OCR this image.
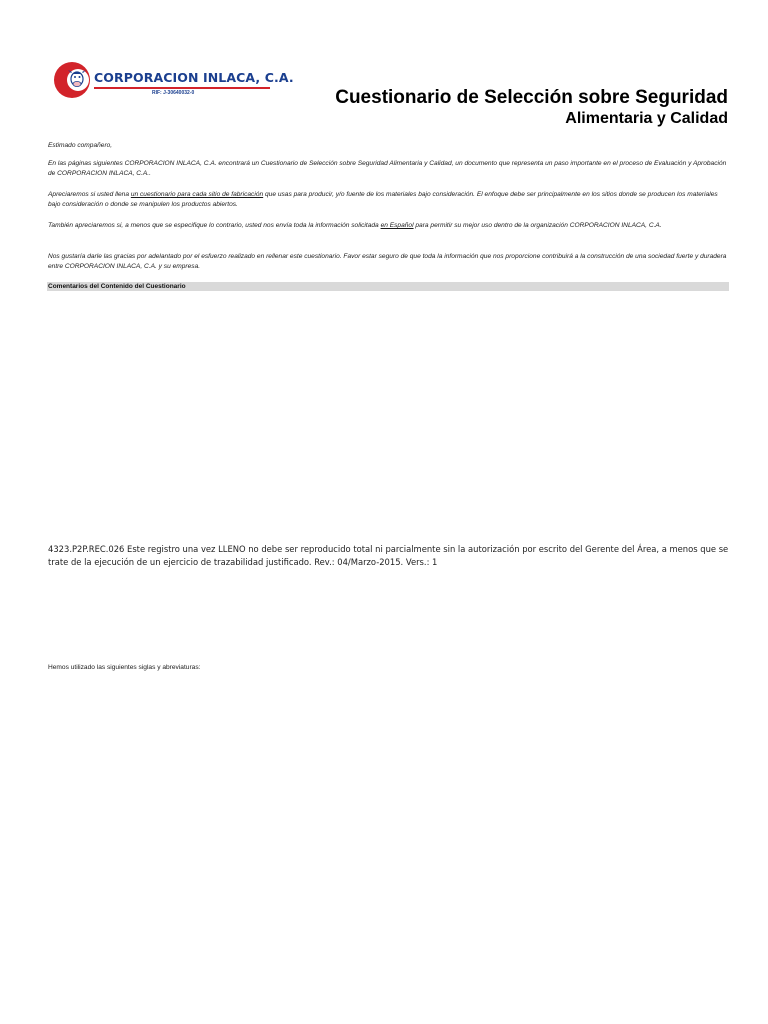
CORPORACION INLACA, C.A.
RIF: J-30640032-0	Cuestionario de Selección sobre Seguridad
Alimentaria y Calidad

Estimado compañero,

En las páginas siguientes CORPORACION INLACA, C.A. encontrará un Cuestionario de Selección sobre Seguridad Alimentaria y Calidad, un documento que representa un paso importante en el proceso de Evaluación y Aprobación de CORPORACION INLACA, C.A..

Apreciaremos si usted llena un cuestionario para cada sitio de fabricación que usas para producir, y/o fuente de los materiales bajo consideración. El enfoque debe ser principalmente en los sitios donde se producen los materiales bajo consideración o donde se manipulen los productos abiertos.

También apreciaremos si, a menos que se especifique lo contrario, usted nos envía toda la información solicitada en Español para permitir su mejor uso dentro de la organización CORPORACION INLACA, C.A.

Nos gustaría darle las gracias por adelantado por el esfuerzo realizado en rellenar este cuestionario. Favor estar seguro de que toda la información que nos proporcione contribuirá a la construcción de una sociedad fuerte y duradera entre CORPORACION INLACA, C.A. y su empresa.

Comentarios del Contenido del Cuestionario
4323.P2P.REC.026 Este registro una vez LLENO no debe ser reproducido total ni parcialmente sin la autorización por escrito del Gerente del Área, a menos que se trate de la ejecución de un ejercicio de trazabilidad justificado. Rev.: 04/Marzo-2015. Vers.: 1
Hemos utilizado las siguientes siglas y abreviaturas:
